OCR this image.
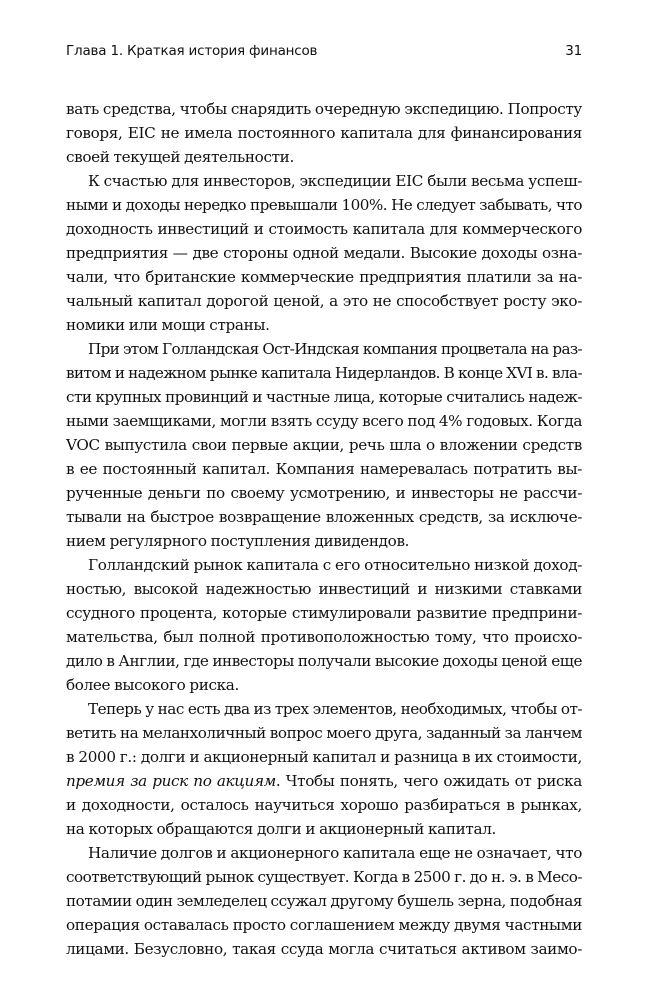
Глава 1. Краткая история финансов	31
вать средства, чтобы снарядить очередную экспедицию. Попросту
говоря, EIC не имела постоянного капитала для финансирования
своей текущей деятельности.
К счастью для инвесторов, экспедиции EIC были весьма успеш-
ными и доходы нередко превышали 100%. Не следует забывать, что
доходность инвестиций и стоимость капитала для коммерческого
предприятия — две стороны одной медали. Высокие доходы озна-
чали, что британские коммерческие предприятия платили за на-
чальный капитал дорогой ценой, а это не способствует росту эко-
номики или мощи страны.
При этом Голландская Ост-Индская компания процветала на раз-
витом и надежном рынке капитала Нидерландов. В конце XVI в. вла-
сти крупных провинций и частные лица, которые считались надеж-
ными заемщиками, могли взять ссуду всего под 4% годовых. Когда
VOC выпустила свои первые акции, речь шла о вложении средств
в ее постоянный капитал. Компания намеревалась потратить вы-
рученные деньги по своему усмотрению, и инвесторы не рассчи-
тывали на быстрое возвращение вложенных средств, за исключе-
нием регулярного поступления дивидендов.
Голландский рынок капитала с его относительно низкой доход-
ностью, высокой надежностью инвестиций и низкими ставками
ссудного процента, которые стимулировали развитие предприни-
мательства, был полной противоположностью тому, что происхо-
дило в Англии, где инвесторы получали высокие доходы ценой еще
более высокого риска.
Теперь у нас есть два из трех элементов, необходимых, чтобы от-
ветить на меланхоличный вопрос моего друга, заданный за ланчем
в 2000 г.: долги и акционерный капитал и разница в их стоимости,
премия за риск по акциям. Чтобы понять, чего ожидать от риска
и доходности, осталось научиться хорошо разбираться в рынках,
на которых обращаются долги и акционерный капитал.
Наличие долгов и акционерного капитала еще не означает, что
соответствующий рынок существует. Когда в 2500 г. до н. э. в Месо-
потамии один земледелец ссужал другому бушель зерна, подобная
операция оставалась просто соглашением между двумя частными
лицами. Безусловно, такая ссуда могла считаться активом заимо-
